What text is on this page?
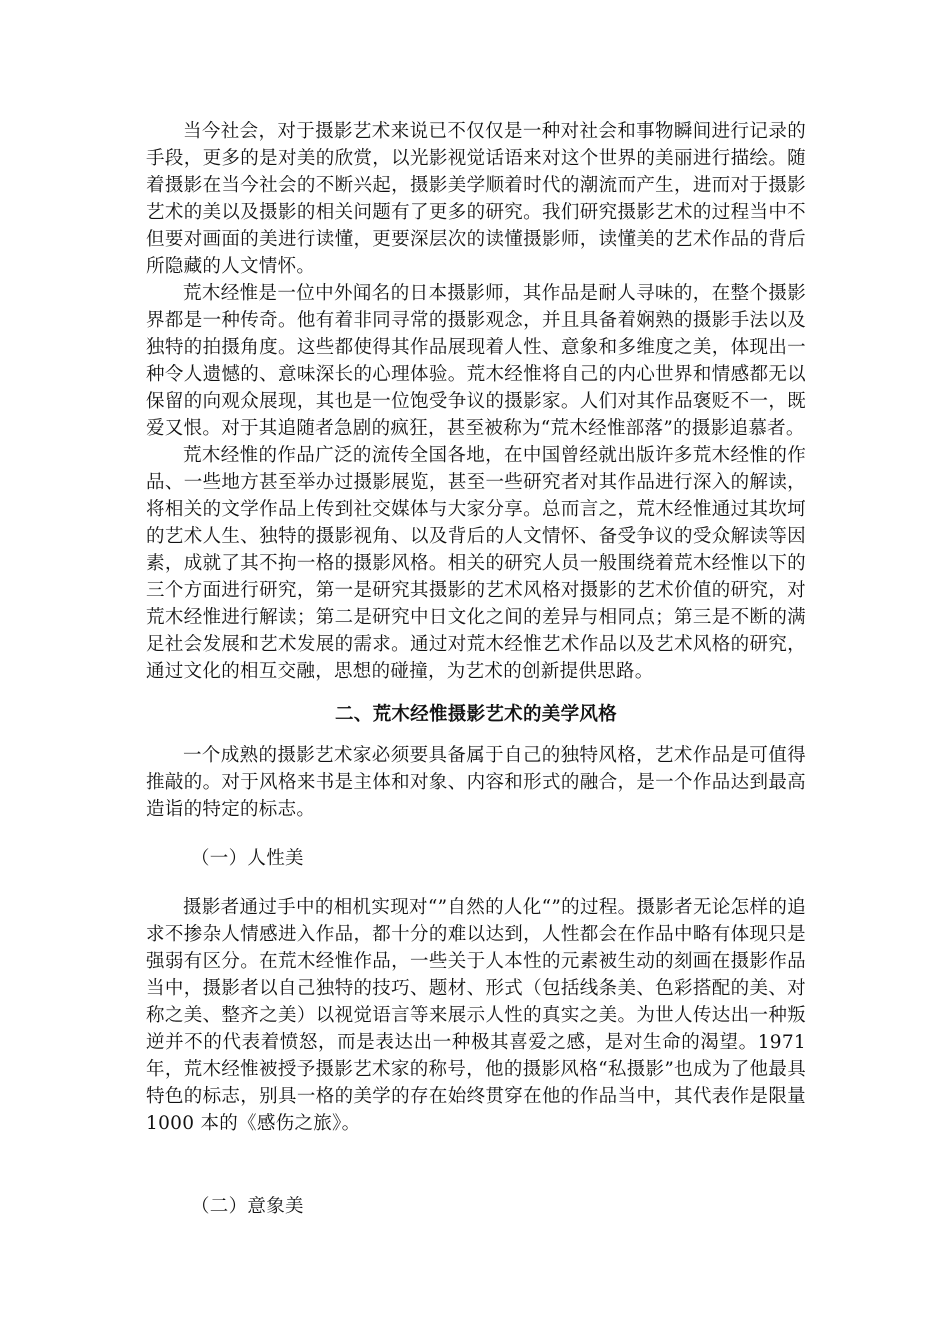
当今社会，对于摄影艺术来说已不仅仅是一种对社会和事物瞬间进行记录的手段，更多的是对美的欣赏，以光影视觉话语来对这个世界的美丽进行描绘。随着摄影在当今社会的不断兴起，摄影美学顺着时代的潮流而产生，进而对于摄影艺术的美以及摄影的相关问题有了更多的研究。我们研究摄影艺术的过程当中不但要对画面的美进行读懂，更要深层次的读懂摄影师，读懂美的艺术作品的背后所隐藏的人文情怀。

荒木经惟是一位中外闻名的日本摄影师，其作品是耐人寻味的，在整个摄影界都是一种传奇。他有着非同寻常的摄影观念，并且具备着娴熟的摄影手法以及独特的拍摄角度。这些都使得其作品展现着人性、意象和多维度之美，体现出一种令人遗憾的、意味深长的心理体验。荒木经惟将自己的内心世界和情感都无以保留的向观众展现，其也是一位饱受争议的摄影家。人们对其作品褒贬不一，既爱又恨。对于其追随者急剧的疯狂，甚至被称为“荒木经惟部落”的摄影追慕者。

荒木经惟的作品广泛的流传全国各地，在中国曾经就出版许多荒木经惟的作品、一些地方甚至举办过摄影展览，甚至一些研究者对其作品进行深入的解读，将相关的文学作品上传到社交媒体与大家分享。总而言之，荒木经惟通过其坎坷的艺术人生、独特的摄影视角、以及背后的人文情怀、备受争议的受众解读等因素，成就了其不拘一格的摄影风格。相关的研究人员一般围绕着荒木经惟以下的三个方面进行研究，第一是研究其摄影的艺术风格对摄影的艺术价值的研究，对荒木经惟进行解读；第二是研究中日文化之间的差异与相同点；第三是不断的满足社会发展和艺术发展的需求。通过对荒木经惟艺术作品以及艺术风格的研究，通过文化的相互交融，思想的碰撞，为艺术的创新提供思路。

二、荒木经惟摄影艺术的美学风格

一个成熟的摄影艺术家必须要具备属于自己的独特风格，艺术作品是可值得推敲的。对于风格来书是主体和对象、内容和形式的融合，是一个作品达到最高造诣的特定的标志。

（一）人性美

摄影者通过手中的相机实现对“”自然的人化“”的过程。摄影者无论怎样的追求不掺杂人情感进入作品，都十分的难以达到，人性都会在作品中略有体现只是强弱有区分。在荒木经惟作品，一些关于人本性的元素被生动的刻画在摄影作品当中，摄影者以自己独特的技巧、题材、形式（包括线条美、色彩搭配的美、对称之美、整齐之美）以视觉语言等来展示人性的真实之美。为世人传达出一种叛逆并不的代表着愤怒，而是表达出一种极其喜爱之感，是对生命的渴望。1971年，荒木经惟被授予摄影艺术家的称号，他的摄影风格“私摄影”也成为了他最具特色的标志，别具一格的美学的存在始终贯穿在他的作品当中，其代表作是限量 1000 本的《感伤之旅》。

（二）意象美
